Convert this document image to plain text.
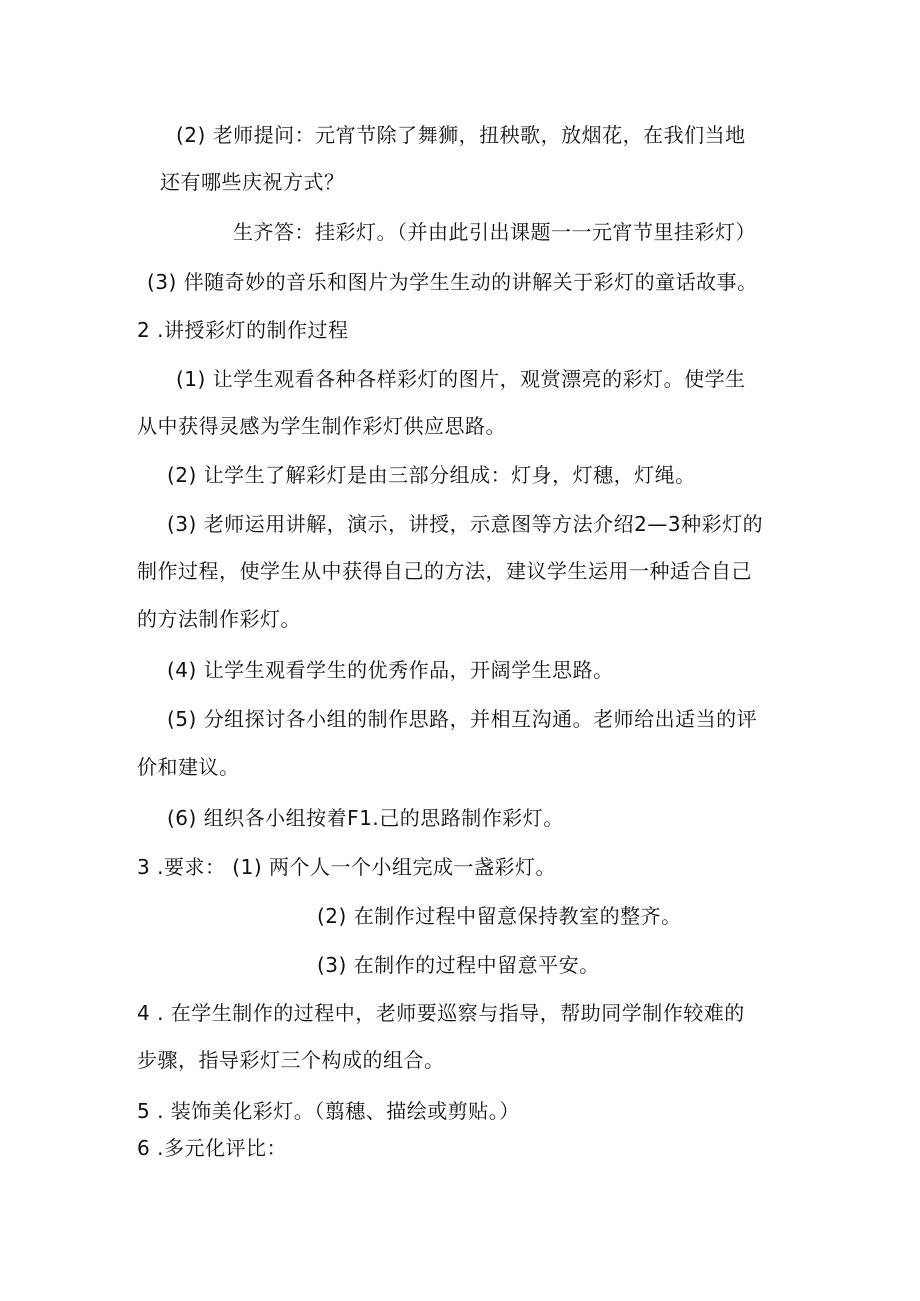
(2) 老师提问：元宵节除了舞狮，扭秧歌，放烟花，在我们当地
还有哪些庆祝方式？
生齐答：挂彩灯。（并由此引出课题一一元宵节里挂彩灯）
(3) 伴随奇妙的音乐和图片为学生生动的讲解关于彩灯的童话故事。
2 .讲授彩灯的制作过程
(1) 让学生观看各种各样彩灯的图片，观赏漂亮的彩灯。使学生
从中获得灵感为学生制作彩灯供应思路。
(2) 让学生了解彩灯是由三部分组成：灯身，灯穗，灯绳。
(3) 老师运用讲解，演示，讲授，示意图等方法介绍2—3种彩灯的
制作过程，使学生从中获得自己的方法，建议学生运用一种适合自己
的方法制作彩灯。
(4) 让学生观看学生的优秀作品，开阔学生思路。
(5) 分组探讨各小组的制作思路，并相互沟通。老师给出适当的评
价和建议。
(6) 组织各小组按着F1.己的思路制作彩灯。
3 .要求： (1) 两个人一个小组完成一盏彩灯。
(2) 在制作过程中留意保持教室的整齐。
(3) 在制作的过程中留意平安。
4 . 在学生制作的过程中，老师要巡察与指导，帮助同学制作较难的
步骤，指导彩灯三个构成的组合。
5 . 装饰美化彩灯。（翦穗、描绘或剪贴。）
6 .多元化评比：
